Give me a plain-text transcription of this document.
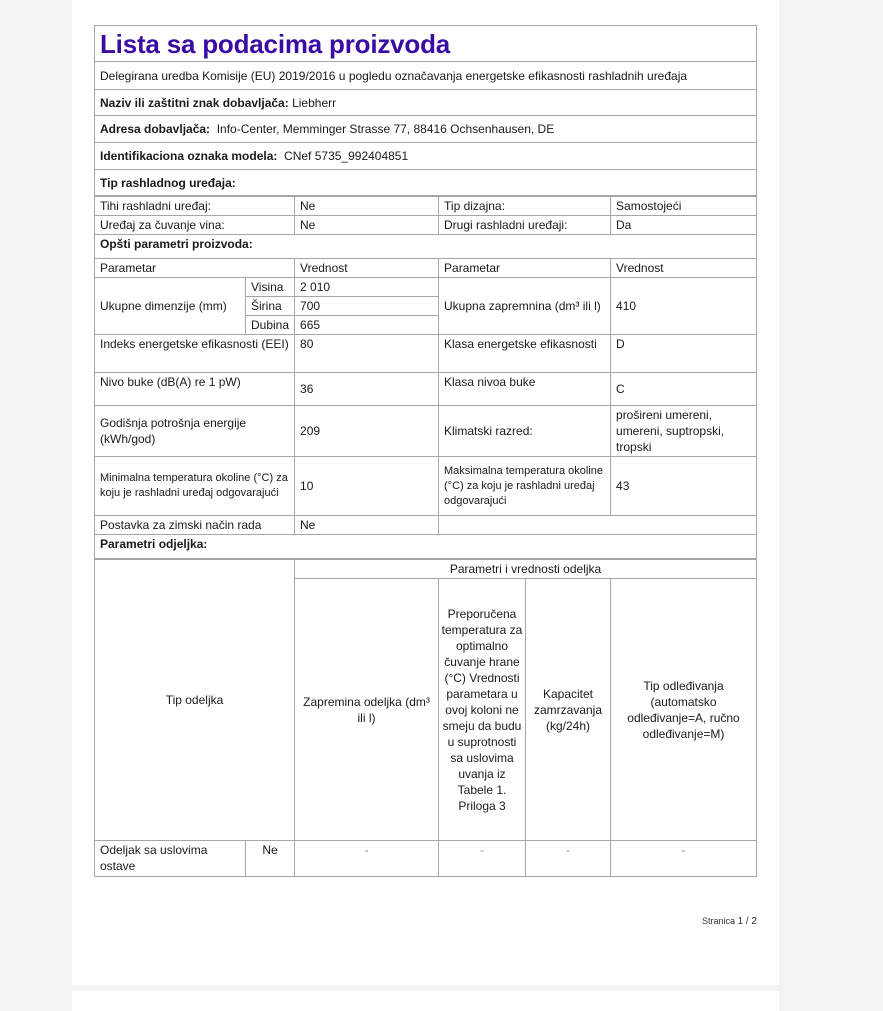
Lista sa podacima proizvoda
Delegirana uredba Komisije (EU) 2019/2016 u pogledu označavanja energetske efikasnosti rashladnih uređaja
Naziv ili zaštitni znak dobavljača: Liebherr
Adresa dobavljača: Info-Center, Memminger Strasse 77, 88416 Ochsenhausen, DE
Identifikaciona oznaka modela: CNef 5735_992404851
Tip rashladnog uređaja:
Tihi rashladni uređaj:		Ne	Tip dizajna:	Samostojeći
Uređaj za čuvanje vina:		Ne	Drugi rashladni uređaji:	Da
Opšti parametri proizvoda:				
Parametar		Vrednost	Parametar	Vrednost
Ukupne dimenzije (mm)	Visina	2 010	Ukupna zapremnina (dm³ ili l)	410
	Širina	700		
	Dubina	665		
Indeks energetske efikasnosti (EEI)		80	Klasa energetske efikasnosti	D
Nivo buke (dB(A) re 1 pW)		36	Klasa nivoa buke	C
Godišnja potrošnja energije (kWh/god)		209	Klimatski razred:	prošireni umereni, umereni, suptropski, tropski
Minimalna temperatura okoline (°C) za koju je rashladni uređaj odgovarajući		10	Maksimalna temperatura okoline (°C) za koju je rashladni uređaj odgovarajući	43
Postavka za zimski način rada		Ne		
Parametri odjeljka:				
Tip odeljka		Parametri i vrednosti odeljka			
		Zapremina odeljka (dm³ ili l)	Preporučena temperatura za optimalno čuvanje hrane (°C) Vrednosti parametara u ovoj koloni ne smeju da budu u suprotnosti sa uslovima uvanja iz Tabele 1. Priloga 3	Kapacitet zamrzavanja (kg/24h)	Tip odleđivanja (automatsko odleđivanje=A, ručno odleđivanje=M)
Odeljak sa uslovima ostave	Ne	-	-	-	-
Stranica 1 / 2
